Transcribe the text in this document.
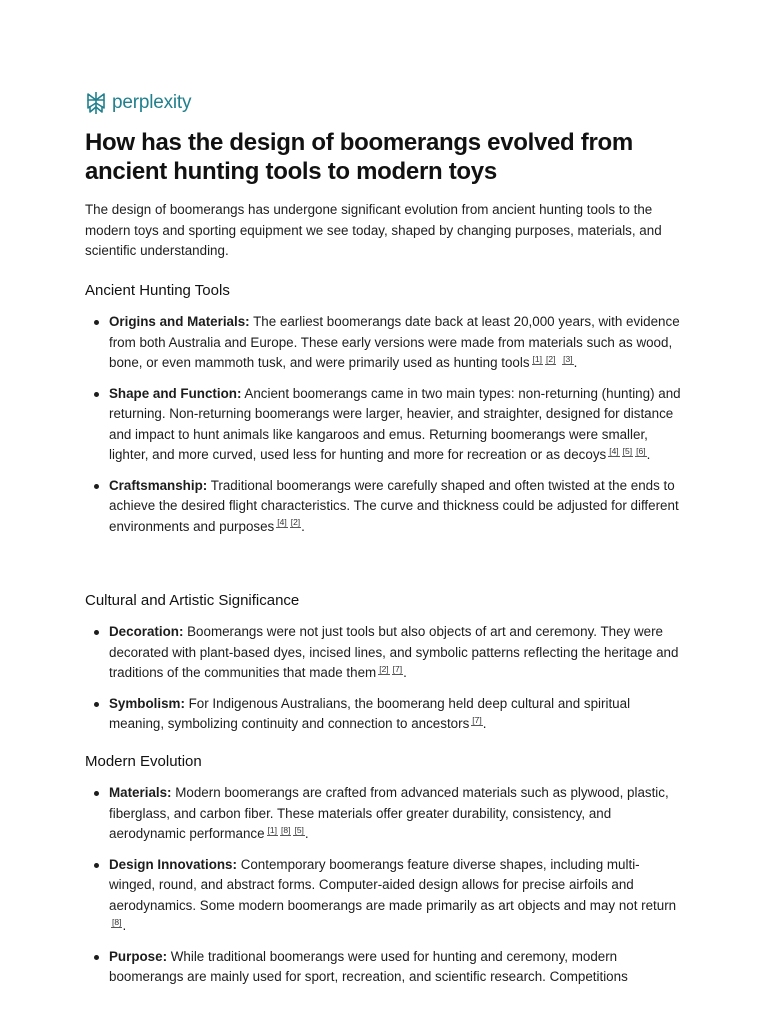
perplexity
How has the design of boomerangs evolved from ancient hunting tools to modern toys

The design of boomerangs has undergone significant evolution from ancient hunting tools to the modern toys and sporting equipment we see today, shaped by changing purposes, materials, and scientific understanding.

Ancient Hunting Tools
Origins and Materials: The earliest boomerangs date back at least 20,000 years, with evidence from both Australia and Europe. These early versions were made from materials such as wood, bone, or even mammoth tusk, and were primarily used as hunting tools [1] [2] [3].
Shape and Function: Ancient boomerangs came in two main types: non-returning (hunting) and returning. Non-returning boomerangs were larger, heavier, and straighter, designed for distance and impact to hunt animals like kangaroos and emus. Returning boomerangs were smaller, lighter, and more curved, used less for hunting and more for recreation or as decoys [4] [5] [6].
Craftsmanship: Traditional boomerangs were carefully shaped and often twisted at the ends to achieve the desired flight characteristics. The curve and thickness could be adjusted for different environments and purposes [4] [2].
Cultural and Artistic Significance
Decoration: Boomerangs were not just tools but also objects of art and ceremony. They were decorated with plant-based dyes, incised lines, and symbolic patterns reflecting the heritage and traditions of the communities that made them [2] [7].
Symbolism: For Indigenous Australians, the boomerang held deep cultural and spiritual meaning, symbolizing continuity and connection to ancestors [7].
Modern Evolution
Materials: Modern boomerangs are crafted from advanced materials such as plywood, plastic, fiberglass, and carbon fiber. These materials offer greater durability, consistency, and aerodynamic performance [1] [8] [5].
Design Innovations: Contemporary boomerangs feature diverse shapes, including multi-winged, round, and abstract forms. Computer-aided design allows for precise airfoils and aerodynamics. Some modern boomerangs are made primarily as art objects and may not return[8].
Purpose: While traditional boomerangs were used for hunting and ceremony, modern boomerangs are mainly used for sport, recreation, and scientific research. Competitions
